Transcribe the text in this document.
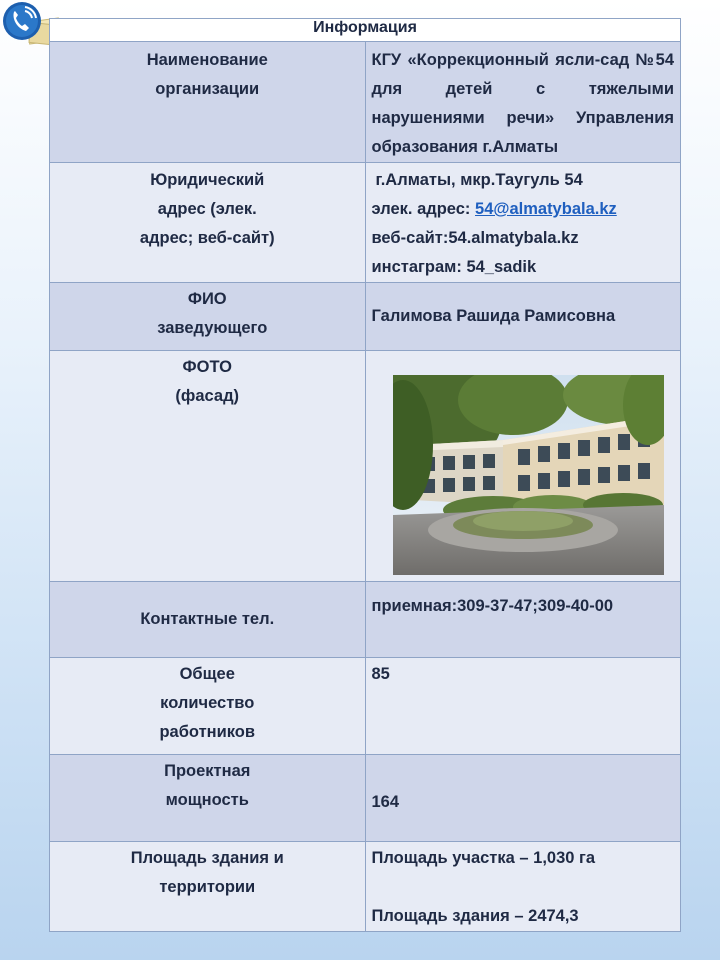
Информация	

Наименование организации	КГУ «Коррекционный ясли-сад №54 для детей с тяжелыми нарушениями речи» Управления образования г.Алматы

Юридический адрес (элек. адрес; веб-сайт)	г.Алматы, мкр.Таугуль 54
элек. адрес: 54@almatybala.kz
веб-сайт:54.almatybala.kz
инстаграм: 54_sadik

ФИО заведующего	Галимова Рашида Рамисовна

ФОТО
(фасад)

Контактные тел.	приемная:309-37-47;309-40-00

Общее количество работников	85

Проектная мощность	164

Площадь здания и территории	Площадь участка – 1,030 га
Площадь здания – 2474,3
